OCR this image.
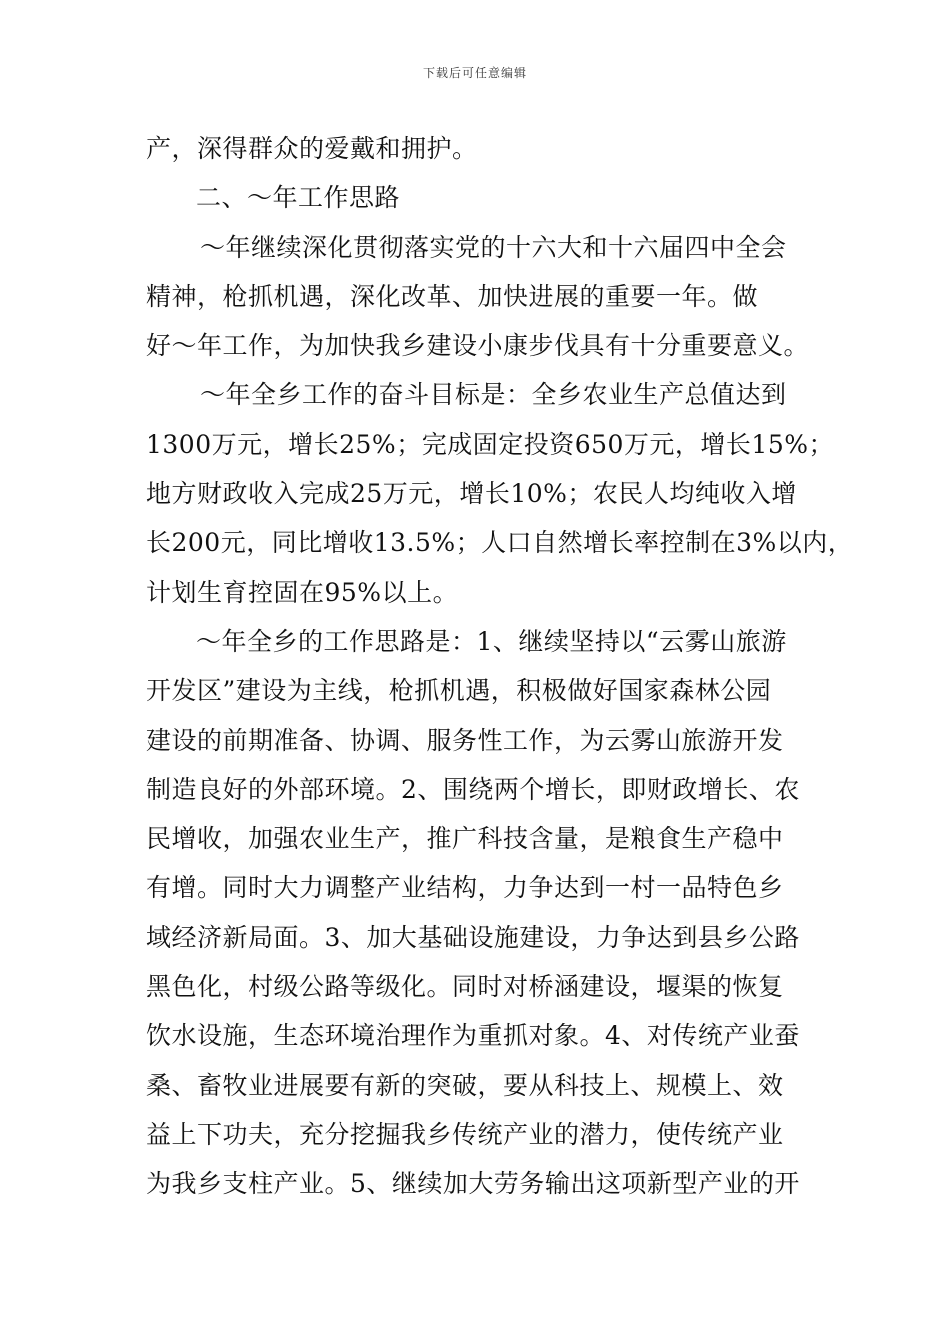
下载后可任意编辑
产，深得群众的爱戴和拥护。
二、～年工作思路
～年继续深化贯彻落实党的十六大和十六届四中全会
精神，枪抓机遇，深化改革、加快进展的重要一年。做
好～年工作，为加快我乡建设小康步伐具有十分重要意义。
～年全乡工作的奋斗目标是：全乡农业生产总值达到
1300万元，增长25%；完成固定投资650万元，增长15%；
地方财政收入完成25万元，增长10%；农民人均纯收入增
长200元，同比增收13.5%；人口自然增长率控制在3%以内，
计划生育控固在95%以上。
～年全乡的工作思路是：1、继续坚持以“云雾山旅游
开发区”建设为主线，枪抓机遇，积极做好国家森林公园
建设的前期准备、协调、服务性工作，为云雾山旅游开发
制造良好的外部环境。2、围绕两个增长，即财政增长、农
民增收，加强农业生产，推广科技含量，是粮食生产稳中
有增。同时大力调整产业结构，力争达到一村一品特色乡
域经济新局面。3、加大基础设施建设，力争达到县乡公路
黑色化，村级公路等级化。同时对桥涵建设，堰渠的恢复
饮水设施，生态环境治理作为重抓对象。4、对传统产业蚕
桑、畜牧业进展要有新的突破，要从科技上、规模上、效
益上下功夫，充分挖掘我乡传统产业的潜力，使传统产业
为我乡支柱产业。5、继续加大劳务输出这项新型产业的开
